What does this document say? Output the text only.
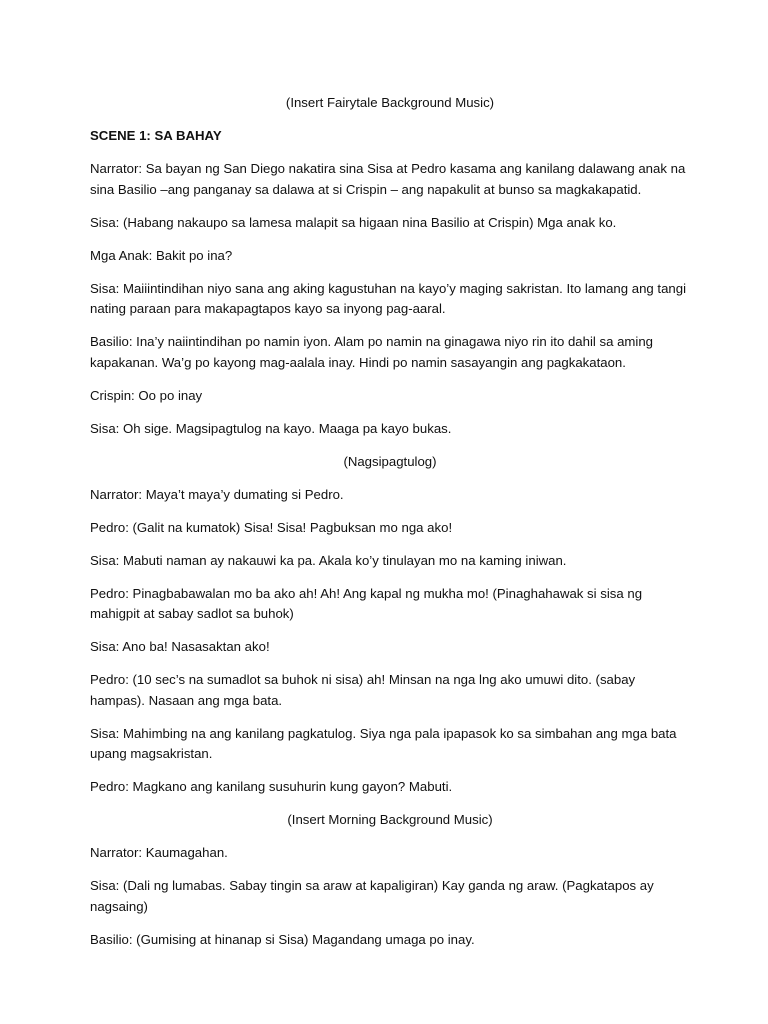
(Insert Fairytale Background Music)

SCENE 1: SA BAHAY

Narrator: Sa bayan ng San Diego nakatira sina Sisa at Pedro kasama ang kanilang dalawang anak na sina Basilio –ang panganay sa dalawa at si Crispin – ang napakulit at bunso sa magkakapatid.

Sisa: (Habang nakaupo sa lamesa malapit sa higaan nina Basilio at Crispin) Mga anak ko.

Mga Anak: Bakit po ina?

Sisa: Maiiintindihan niyo sana ang aking kagustuhan na kayo’y maging sakristan. Ito lamang ang tangi nating paraan para makapagtapos kayo sa inyong pag-aaral.

Basilio: Ina’y naiintindihan po namin iyon. Alam po namin na ginagawa niyo rin ito dahil sa aming kapakanan. Wa’g po kayong mag-aalala inay. Hindi po namin sasayangin ang pagkakataon.

Crispin: Oo po inay

Sisa: Oh sige. Magsipagtulog na kayo. Maaga pa kayo bukas.

(Nagsipagtulog)

Narrator: Maya’t maya’y dumating si Pedro.

Pedro: (Galit na kumatok) Sisa! Sisa! Pagbuksan mo nga ako!

Sisa: Mabuti naman ay nakauwi ka pa. Akala ko’y tinulayan mo na kaming iniwan.

Pedro: Pinagbabawalan mo ba ako ah! Ah! Ang kapal ng mukha mo! (Pinaghahawak si sisa ng mahigpit at sabay sadlot sa buhok)

Sisa: Ano ba! Nasasaktan ako!

Pedro: (10 sec’s na sumadlot sa buhok ni sisa) ah! Minsan na nga lng ako umuwi dito. (sabay hampas). Nasaan ang mga bata.

Sisa: Mahimbing na ang kanilang pagkatulog. Siya nga pala ipapasok ko sa simbahan ang mga bata upang magsakristan.

Pedro: Magkano ang kanilang susuhurin kung gayon? Mabuti.

(Insert Morning Background Music)

Narrator: Kaumagahan.

Sisa: (Dali ng lumabas. Sabay tingin sa araw at kapaligiran) Kay ganda ng araw. (Pagkatapos ay nagsaing)

Basilio: (Gumising at hinanap si Sisa) Magandang umaga po inay.
